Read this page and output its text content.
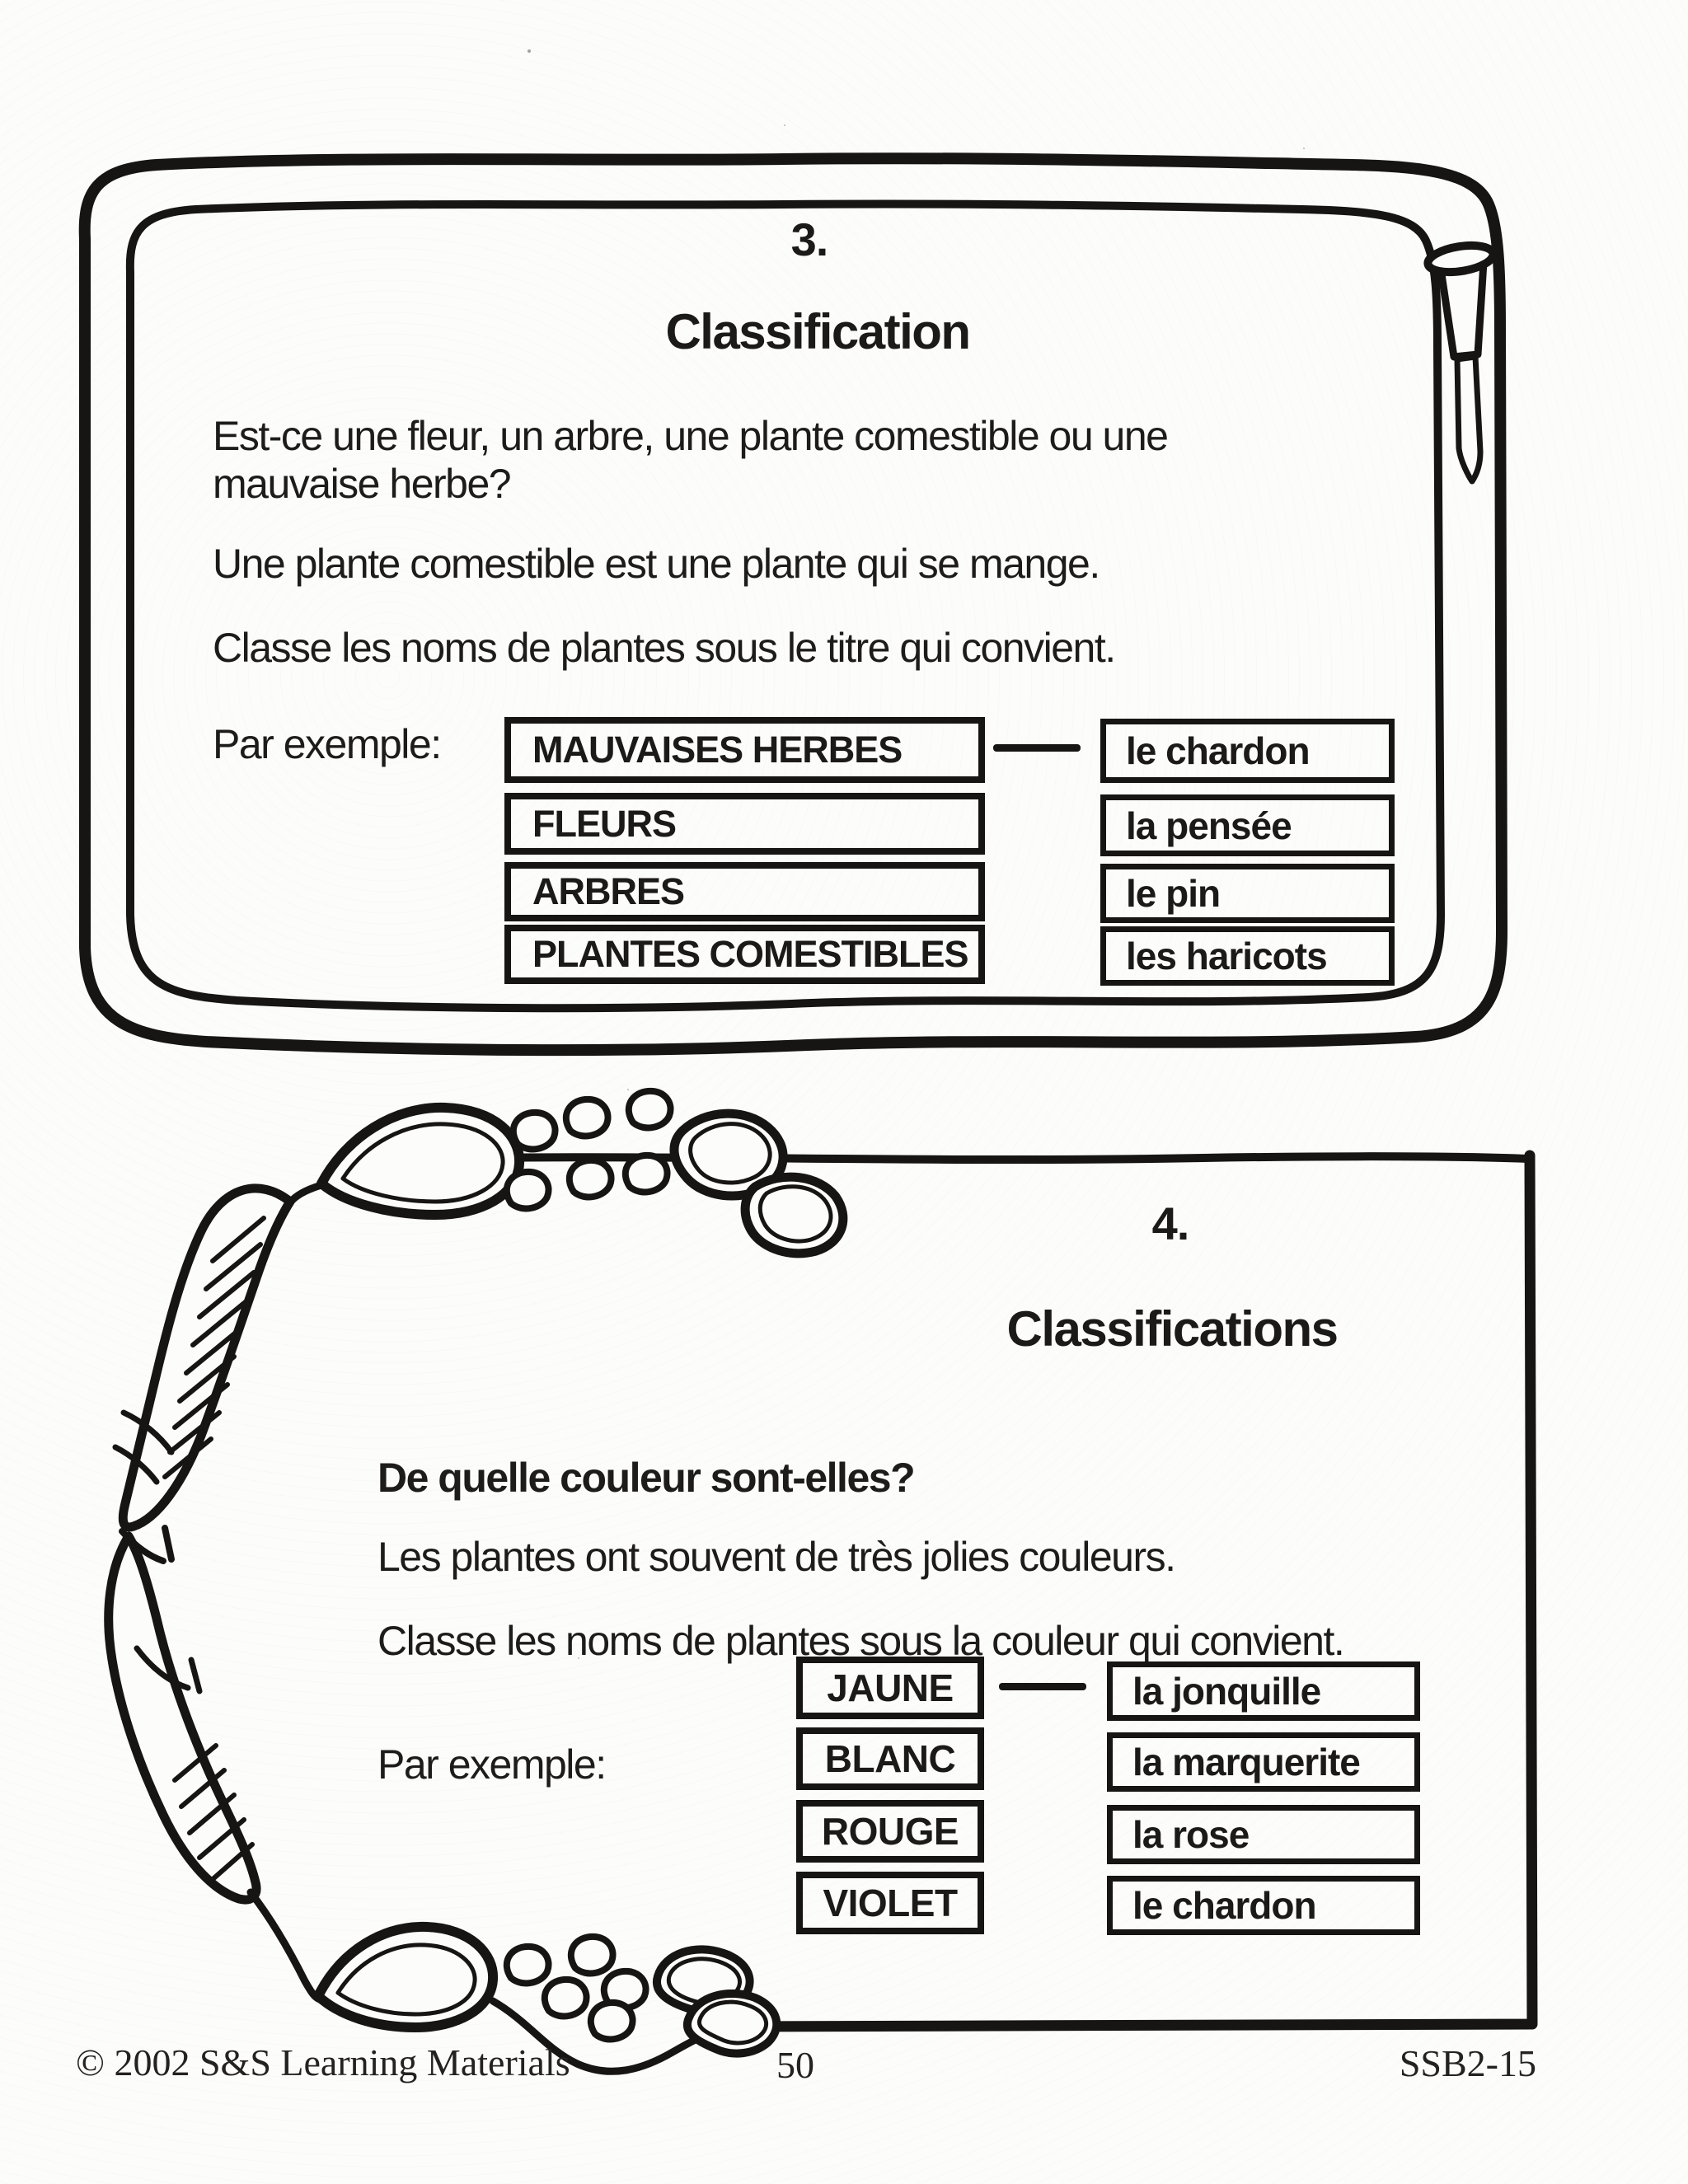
3.
Classification
Est-ce une fleur, un arbre, une plante comestible ou une mauvaise herbe?
Une plante comestible est une plante qui se mange.
Classe les noms de plantes sous le titre qui convient.
Par exemple: MAUVAISES HERBES
FLEURS
ARBRES
PLANTES COMESTIBLES
le chardon
la pensée
le pin
les haricots
4.
Classifications
De quelle couleur sont-elles?
Les plantes ont souvent de très jolies couleurs.
Classe les noms de plantes sous la couleur qui convient.
Par exemple:
JAUNE
BLANC
ROUGE
VIOLET
la jonquille
la marquerite
la rose
le chardon
© 2002 S&S Learning Materials	50	SSB2-15
